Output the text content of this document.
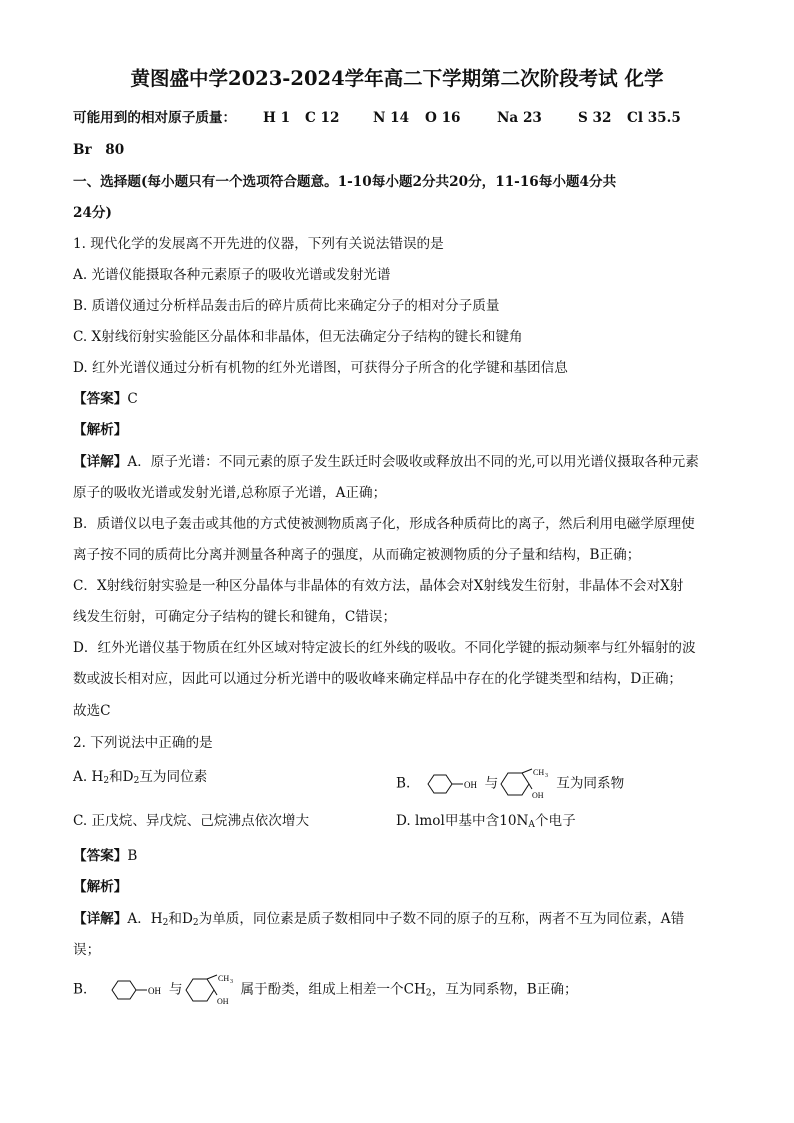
黄图盛中学2023-2024学年高二下学期第二次阶段考试 化学
可能用到的相对原子质量： H 1 C 12 N 14 O 16	Na 23	S 32 Cl 35.5
Br　80
一、选择题(每小题只有一个选项符合题意。1-10每小题2分共20分，11-16每小题4分共
24分)
1. 现代化学的发展离不开先进的仪器，下列有关说法错误的是
A. 光谱仪能摄取各种元素原子的吸收光谱或发射光谱
B. 质谱仪通过分析样品轰击后的碎片质荷比来确定分子的相对分子质量
C. X射线衍射实验能区分晶体和非晶体，但无法确定分子结构的键长和键角
D. 红外光谱仪通过分析有机物的红外光谱图，可获得分子所含的化学键和基团信息
【答案】C
【解析】
【详解】A．原子光谱：不同元素的原子发生跃迁时会吸收或释放出不同的光,可以用光谱仪摄取各种元素
原子的吸收光谱或发射光谱,总称原子光谱，A正确；
B．质谱仪以电子轰击或其他的方式使被测物质离子化，形成各种质荷比的离子，然后利用电磁学原理使
离子按不同的质荷比分离并测量各种离子的强度，从而确定被测物质的分子量和结构，B正确；
C．X射线衍射实验是一种区分晶体与非晶体的有效方法，晶体会对X射线发生衍射，非晶体不会对X射
线发生衍射，可确定分子结构的键长和键角，C错误；
D．红外光谱仪基于物质在红外区域对特定波长的红外线的吸收。不同化学键的振动频率与红外辐射的波
数或波长相对应，因此可以通过分析光谱中的吸收峰来确定样品中存在的化学键类型和结构，D正确；
故选C
2. 下列说法中正确的是
A. $H_2$和$D_2$互为同位素	B.	OH 与
CH 3
OH
互为同系物
C. 正戊烷、异戊烷、己烷沸点依次增大	D. lmol甲基中含$10N_A$个电子
【答案】B
【解析】
【详解】A．$H_2$和$D_2$为单质，同位素是质子数相同中子数不同的原子的互称，两者不互为同位素，A错
误；
B．	OH 与
CH 3
OH
属于酚类，组成上相差一个$CH_2$，互为同系物，B正确；
